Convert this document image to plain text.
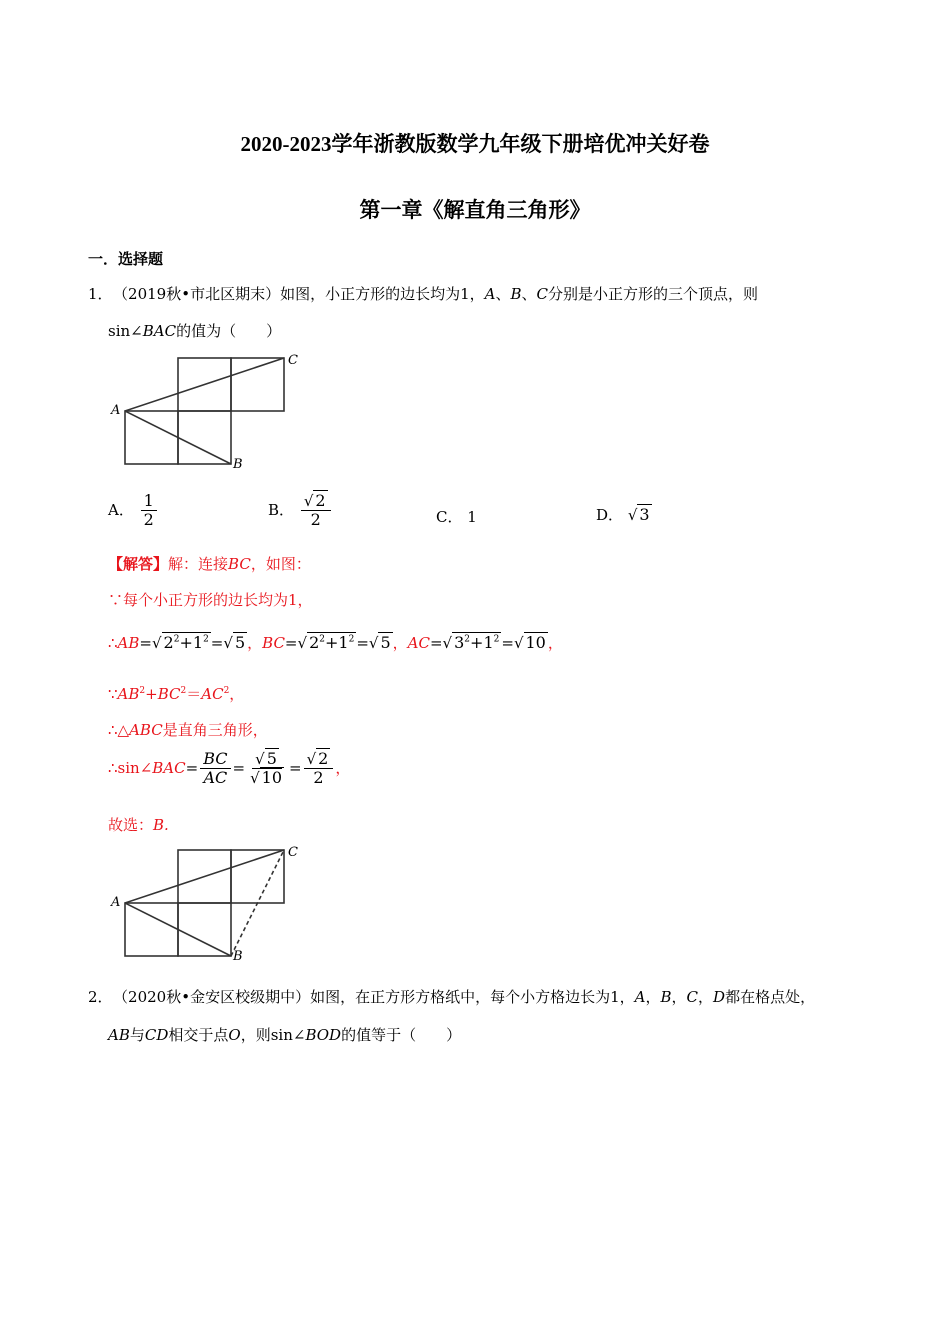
2020-2023学年浙教版数学九年级下册培优冲关好卷
第一章《解直角三角形》
一．选择题
1． （2019秋•市北区期末）如图，小正方形的边长均为1，A、B、C分别是小正方形的三个顶点，则
sin∠BAC的值为（　　）
A
C
B
A． $\frac{1}{2}$	B． $\frac{√ 2}{2}$	C． 1	D． √ 3
【解答】解：连接BC，如图：
∵每个小正方形的边长均为1，
∴AB=√ $2^2+1^2$ =√ 5 ，BC=√ $2^2+1^2$ =√ 5 ，AC=√ $3^2+1^2$ =√ 10 ，
$\because AB^2+BC^2=AC^2$，
∴△ABC是直角三角形，
∴sin∠BAC= $\frac{BC}{AC} = \frac{√ 5}{√ 10} = \frac{√ 2}{2}$ ，
故选：B.
A
C
B
2． （2020秋•金安区校级期中）如图，在正方形方格纸中，每个小方格边长为1，A，B，C，D都在格点处，
AB与CD相交于点O，则sin∠BOD的值等于（　　）
